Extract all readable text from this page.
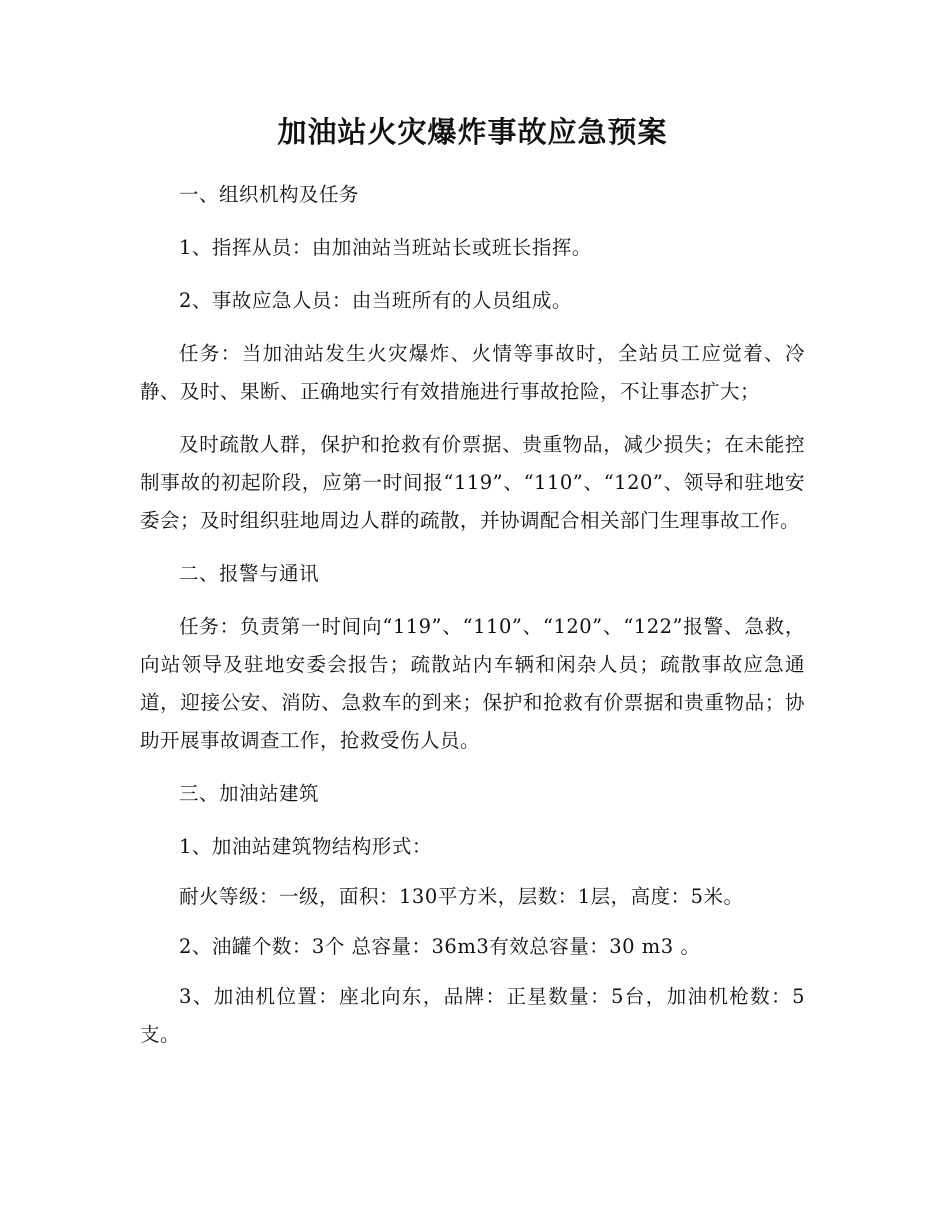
加油站火灾爆炸事故应急预案

一、组织机构及任务

1、指挥从员：由加油站当班站长或班长指挥。

2、事故应急人员：由当班所有的人员组成。

任务：当加油站发生火灾爆炸、火情等事故时，全站员工应觉着、冷静、及时、果断、正确地实行有效措施进行事故抢险，不让事态扩大；

及时疏散人群，保护和抢救有价票据、贵重物品，减少损失；在未能控制事故的初起阶段，应第一时间报“119”、“110”、“120”、领导和驻地安委会；及时组织驻地周边人群的疏散，并协调配合相关部门生理事故工作。

二、报警与通讯

任务：负责第一时间向“119”、“110”、“120”、“122”报警、急救，向站领导及驻地安委会报告；疏散站内车辆和闲杂人员；疏散事故应急通道，迎接公安、消防、急救车的到来；保护和抢救有价票据和贵重物品；协助开展事故调查工作，抢救受伤人员。

三、加油站建筑

1、加油站建筑物结构形式：

耐火等级：一级，面积：130平方米，层数：1层，高度：5米。

2、油罐个数：3个 总容量：36m3有效总容量：30 m3 。

3、加油机位置：座北向东，品牌：正星数量：5台，加油机枪数：5支。
